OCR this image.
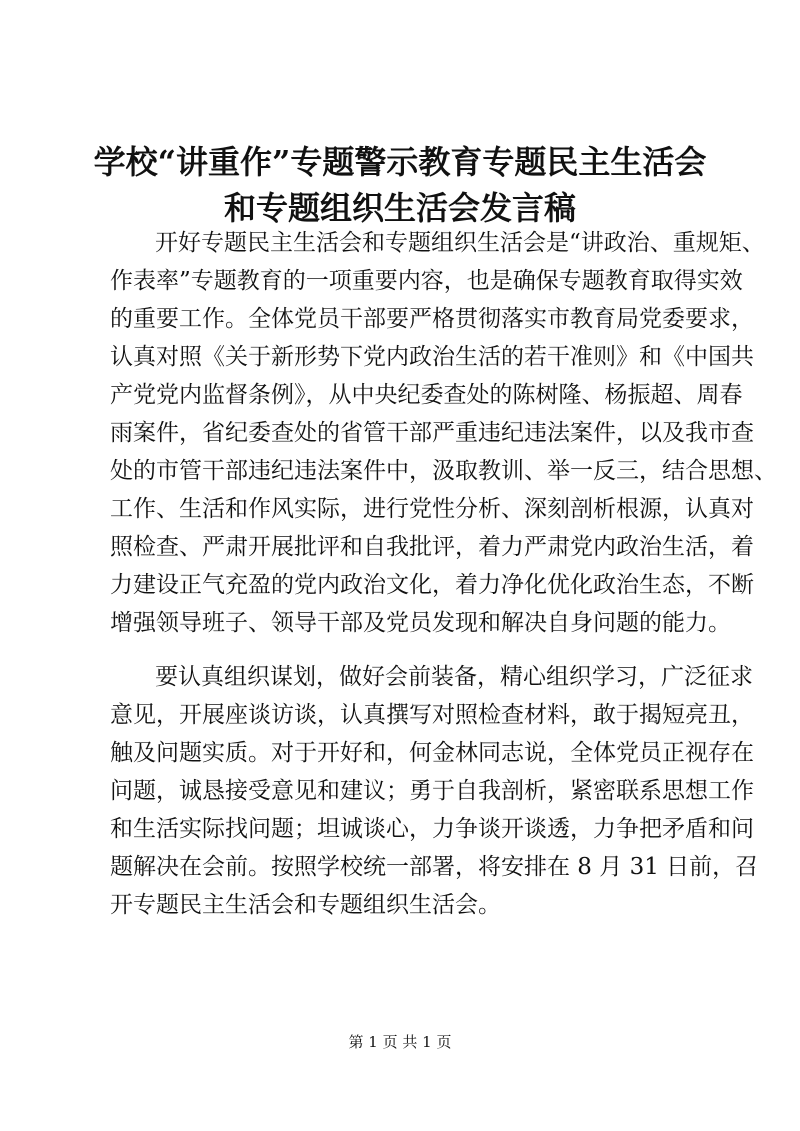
学校“讲重作”专题警示教育专题民主生活会
和专题组织生活会发言稿
开好专题民主生活会和专题组织生活会是“讲政治、重规矩、
作表率”专题教育的一项重要内容，也是确保专题教育取得实效
的重要工作。全体党员干部要严格贯彻落实市教育局党委要求，
认真对照《关于新形势下党内政治生活的若干准则》和《中国共
产党党内监督条例》，从中央纪委查处的陈树隆、杨振超、周春
雨案件，省纪委查处的省管干部严重违纪违法案件，以及我市查
处的市管干部违纪违法案件中，汲取教训、举一反三，结合思想、
工作、生活和作风实际，进行党性分析、深刻剖析根源，认真对
照检查、严肃开展批评和自我批评，着力严肃党内政治生活，着
力建设正气充盈的党内政治文化，着力净化优化政治生态，不断
增强领导班子、领导干部及党员发现和解决自身问题的能力。
要认真组织谋划，做好会前装备，精心组织学习，广泛征求
意见，开展座谈访谈，认真撰写对照检查材料，敢于揭短亮丑，
触及问题实质。对于开好和，何金林同志说，全体党员正视存在
问题，诚恳接受意见和建议；勇于自我剖析，紧密联系思想工作
和生活实际找问题；坦诚谈心，力争谈开谈透，力争把矛盾和问
题解决在会前。按照学校统一部署，将安排在 8 月 31 日前，召
开专题民主生活会和专题组织生活会。
第 1 页 共 1 页
